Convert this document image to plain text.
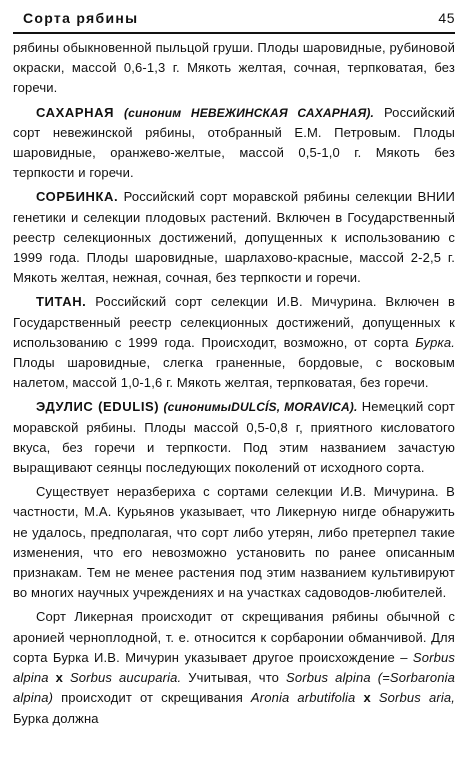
Сорта рябины	45

рябины обыкновенной пыльцой груши. Плоды шаровидные, рубиновой окраски, массой 0,6-1,3 г. Мякоть желтая, сочная, терпковатая, без горечи.

САХАРНАЯ (синоним НЕВЕЖИНСКАЯ САХАРНАЯ). Российский сорт невежинской рябины, отобранный Е.М. Петровым. Плоды шаровидные, оранжево-желтые, массой 0,5-1,0 г. Мякоть без терпкости и горечи.

СОРБИНКА. Российский сорт моравской рябины селекции ВНИИ генетики и селекции плодовых растений. Включен в Государственный реестр селекционных достижений, допущенных к использованию с 1999 года. Плоды шаровидные, шарлахово-красные, массой 2-2,5 г. Мякоть желтая, нежная, сочная, без терпкости и горечи.

ТИТАН. Российский сорт селекции И.В. Мичурина. Включен в Государственный реестр селекционных достижений, допущенных к использованию с 1999 года. Происходит, возможно, от сорта Бурка. Плоды шаровидные, слегка граненные, бордовые, с восковым налетом, массой 1,0-1,6 г. Мякоть желтая, терпковатая, без горечи.

ЭДУЛИС (EDULIS) (синонимыDULCÍS, MORAVICA). Немецкий сорт моравской рябины. Плоды массой 0,5-0,8 г, приятного кисловатого вкуса, без горечи и терпкости. Под этим названием зачастую выращивают сеянцы последующих поколений от исходного сорта.

Существует неразбериха с сортами селекции И.В. Мичурина. В частности, М.А. Курьянов указывает, что Ликерную нигде обнаружить не удалось, предполагая, что сорт либо утерян, либо претерпел такие изменения, что его невозможно установить по ранее описанным признакам. Тем не менее растения под этим названием культивируют во многих научных учреждениях и на участках садоводов-любителей.

Сорт Ликерная происходит от скрещивания рябины обычной с аронией черноплодной, т. е. относится к сорбаронии обманчивой. Для сорта Бурка И.В. Мичурин указывает другое происхождение – Sorbus alpina x Sorbus aucuparia. Учитывая, что Sorbus alpina (=Sorbaronia alpina) происходит от скрещивания Aronia arbutifolia x Sorbus aria, Бурка должна
